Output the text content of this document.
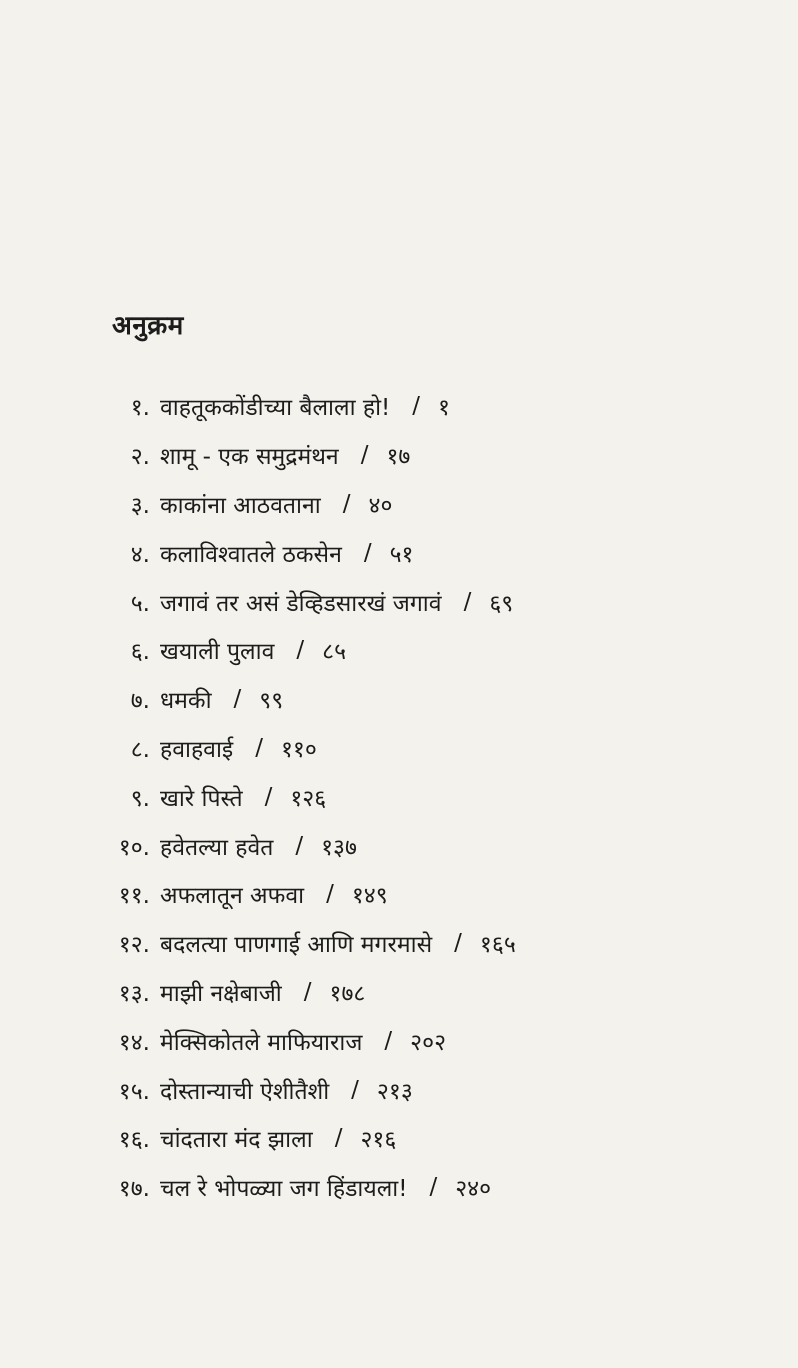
अनुक्रम
१. वाहतूककोंडीच्या बैलाला हो! / १
२. शामू - एक समुद्रमंथन / १७
३. काकांना आठवताना / ४०
४. कलाविश्वातले ठकसेन / ५१
५. जगावं तर असं डेव्हिडसारखं जगावं / ६९
६. खयाली पुलाव / ८५
७. धमकी / ९९
८. हवाहवाई / ११०
९. खारे पिस्ते / १२६
१०. हवेतल्या हवेत / १३७
११. अफलातून अफवा / १४९
१२. बदलत्या पाणगाई आणि मगरमासे / १६५
१३. माझी नक्षेबाजी / १७८
१४. मेक्सिकोतले माफियाराज / २०२
१५. दोस्तान्याची ऐशीतैशी / २१३
१६. चांदतारा मंद झाला / २१६
१७. चल रे भोपळ्या जग हिंडायला! / २४०
